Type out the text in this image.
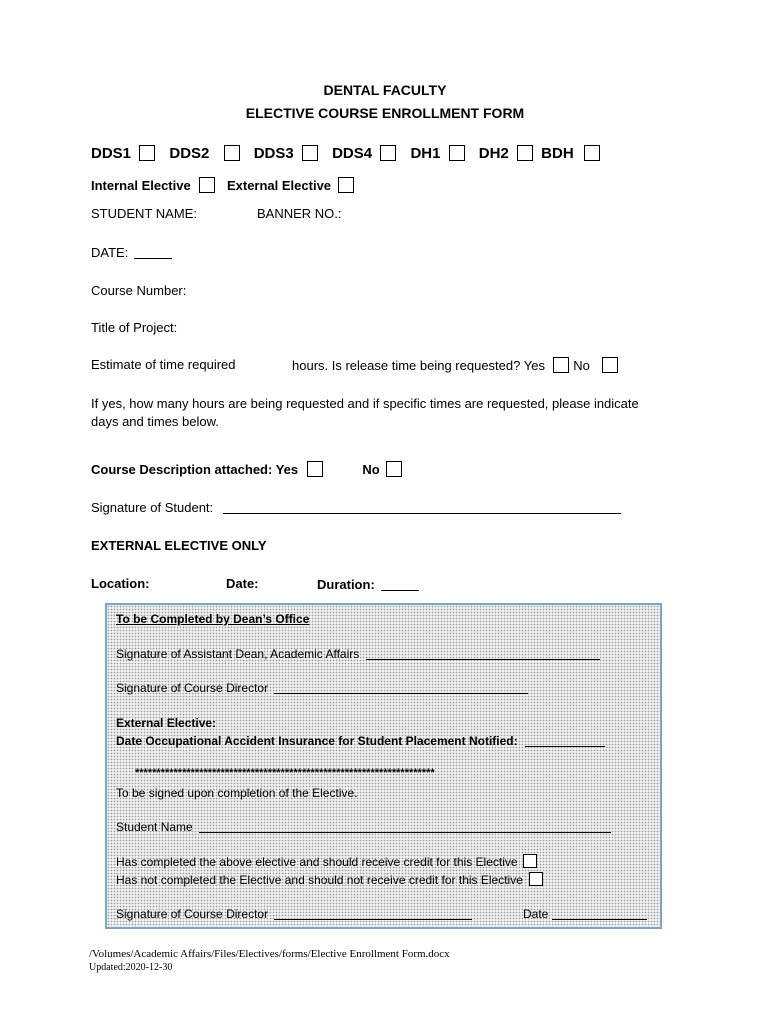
DENTAL FACULTY
ELECTIVE COURSE ENROLLMENT FORM
DDS1	DDS2	DDS3	DDS4	DH1	DH2 BDH
Internal Elective	External Elective
STUDENT NAME:	BANNER NO.:
DATE:
Course Number:
Title of Project:
Estimate of time required	hours. Is release time being requested? Yes No
If yes, how many hours are being requested and if specific times are requested, please indicate
days and times below.
Course Description attached: Yes	No
Signature of Student:
EXTERNAL ELECTIVE ONLY
Location:	Date:	Duration:
To be Completed by Dean’s Office
Signature of Assistant Dean, Academic Affairs
Signature of Course Director
External Elective:
Date Occupational Accident Insurance for Student Placement Notified:
**********************************************************************
To be signed upon completion of the Elective.
Student Name
Has completed the above elective and should receive credit for this Elective
Has not completed the Elective and should not receive credit for this Elective
Signature of Course Director	Date
/Volumes/Academic Affairs/Files/Electives/forms/Elective Enrollment Form.docx
Updated:2020-12-30
